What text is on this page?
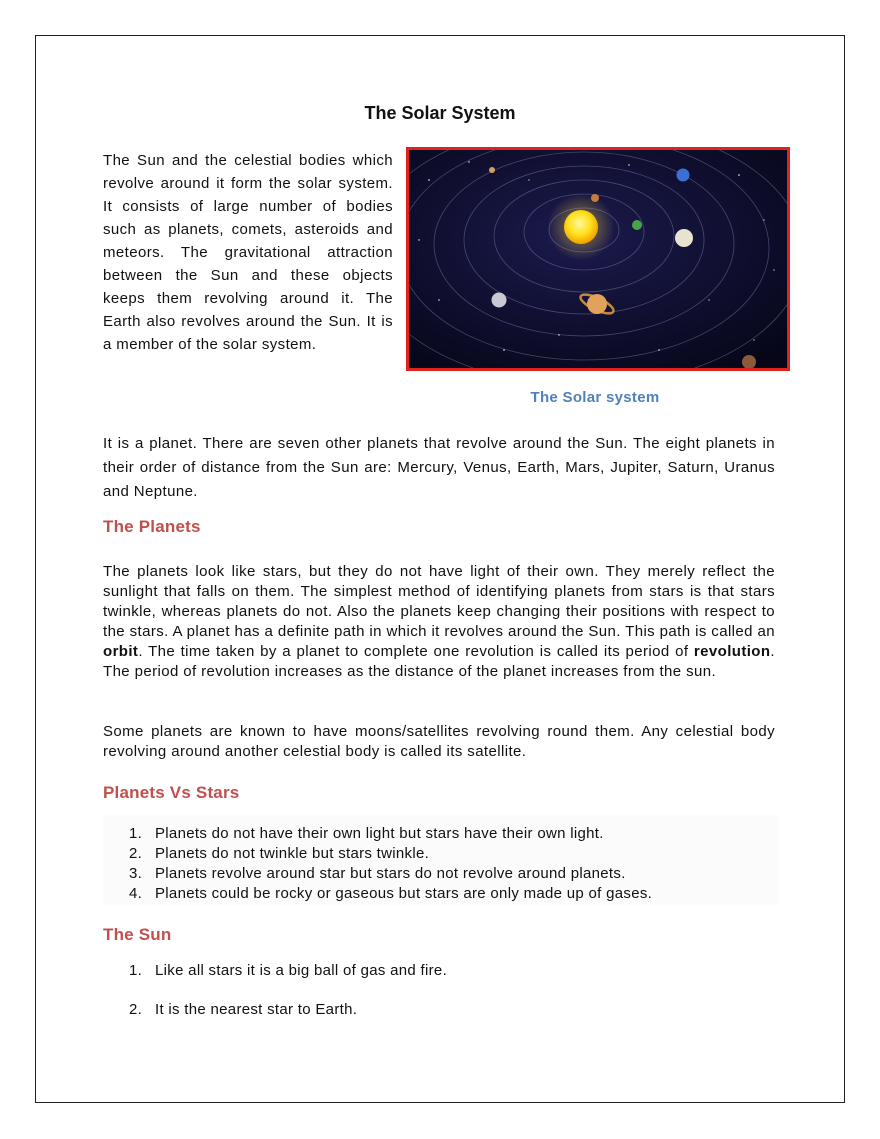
The Solar System
The Sun and the celestial bodies which revolve around it form the solar system. It consists of large number of bodies such as planets, comets, asteroids and meteors. The gravitational attraction between the Sun and these objects keeps them revolving around it. The Earth also revolves around the Sun. It is a member of the solar system.
The Solar system
It is a planet. There are seven other planets that revolve around the Sun. The eight planets in their order of distance from the Sun are: Mercury, Venus, Earth, Mars, Jupiter, Saturn, Uranus and Neptune.
The Planets
The planets look like stars, but they do not have light of their own. They merely reflect the sunlight that falls on them. The simplest method of identifying planets from stars is that stars twinkle, whereas planets do not. Also the planets keep changing their positions with respect to the stars. A planet has a definite path in which it revolves around the Sun. This path is called an orbit. The time taken by a planet to complete one revolution is called its period of revolution. The period of revolution increases as the distance of the planet increases from the sun.
Some planets are known to have moons/satellites revolving round them. Any celestial body revolving around another celestial body is called its satellite.
Planets Vs Stars
1. Planets do not have their own light but stars have their own light.
2. Planets do not twinkle but stars twinkle.
3. Planets revolve around star but stars do not revolve around planets.
4. Planets could be rocky or gaseous but stars are only made up of gases.
The Sun
1. Like all stars it is a big ball of gas and fire.
2. It is the nearest star to Earth.
